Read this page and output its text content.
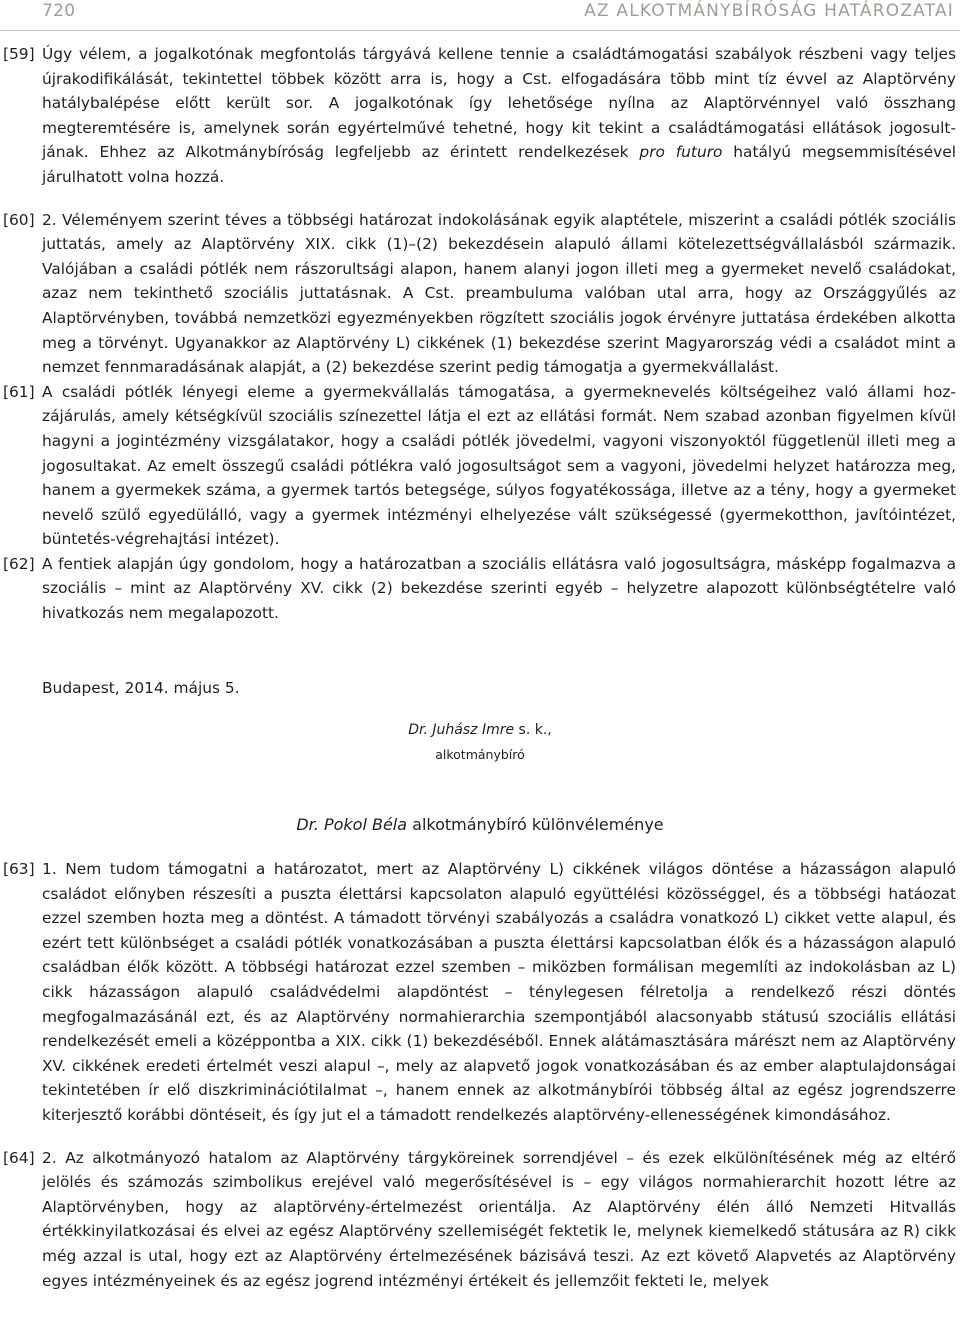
720	AZ ALKOTMÁNYBÍRÓSÁG HATÁROZATAI
[59] Úgy vélem, a jogalkotónak megfontolás tárgyává kellene tennie a családtámogatási szabályok részbeni vagy teljes újrakodifikálását, tekintettel többek között arra is, hogy a Cst. elfogadására több mint tíz évvel az Alaptörvény hatálybalépése előtt került sor. A jogalkotónak így lehetősége nyílna az Alaptörvénnyel való összhang megteremtésére is, amelynek során egyértelművé tehetné, hogy kit tekint a családtámogatási ellátások jogosultjának. Ehhez az Alkotmánybíróság legfeljebb az érintett rendelkezések pro futuro hatályú megsemmisítésével járulhatott volna hozzá.
[60] 2. Véleményem szerint téves a többségi határozat indokolásának egyik alaptétele, miszerint a családi pótlék szociális juttatás, amely az Alaptörvény XIX. cikk (1)–(2) bekezdésein alapuló állami kötelezettségvállalásból származik. Valójában a családi pótlék nem rászorultsági alapon, hanem alanyi jogon illeti meg a gyermeket nevelő családokat, azaz nem tekinthető szociális juttatásnak. A Cst. preambuluma valóban utal arra, hogy az Országgyűlés az Alaptörvényben, továbbá nemzetközi egyezményekben rögzített szociális jogok érvényre juttatása érdekében alkotta meg a törvényt. Ugyanakkor az Alaptörvény L) cikkének (1) bekezdése szerint Magyarország védi a családot mint a nemzet fennmaradásának alapját, a (2) bekezdése szerint pedig támogatja a gyermekvállalást.
[61] A családi pótlék lényegi eleme a gyermekvállalás támogatása, a gyermeknevelés költségeihez való állami hozzájárulás, amely kétségkívül szociális színezettel látja el ezt az ellátási formát. Nem szabad azonban figyelmen kívül hagyni a jogintézmény vizsgálatakor, hogy a családi pótlék jövedelmi, vagyoni viszonyoktól függetlenül illeti meg a jogosultakat. Az emelt összegű családi pótlékra való jogosultságot sem a vagyoni, jövedelmi helyzet határozza meg, hanem a gyermekek száma, a gyermek tartós betegsége, súlyos fogyatékossága, illetve az a tény, hogy a gyermeket nevelő szülő egyedülálló, vagy a gyermek intézményi elhelyezése vált szükségessé (gyermekotthon, javítóintézet, büntetés-végrehajtási intézet).
[62] A fentiek alapján úgy gondolom, hogy a határozatban a szociális ellátásra való jogosultságra, másképp fogalmazva a szociális – mint az Alaptörvény XV. cikk (2) bekezdése szerinti egyéb – helyzetre alapozott különbségtételre való hivatkozás nem megalapozott.
Budapest, 2014. május 5.
Dr. Juhász Imre s. k.,
alkotmánybíró
Dr. Pokol Béla alkotmánybíró különvéleménye
[63] 1. Nem tudom támogatni a határozatot, mert az Alaptörvény L) cikkének világos döntése a házasságon alapuló családot előnyben részesíti a puszta élettársi kapcsolaton alapuló együttélési közösséggel, és a többségi hatáozat ezzel szemben hozta meg a döntést. A támadott törvényi szabályozás a családra vonatkozó L) cikket vette alapul, és ezért tett különbséget a családi pótlék vonatkozásában a puszta élettársi kapcsolatban élők és a házasságon alapuló családban élők között. A többségi határozat ezzel szemben – miközben formálisan megemlíti az indokolásban az L) cikk házasságon alapuló családvédelmi alapdöntést – ténylegesen félretolja a rendelkező részi döntés megfogalmazásánál ezt, és az Alaptörvény normahierarchia szempontjából alacsonyabb státusú szociális ellátási rendelkezését emeli a középpontba a XIX. cikk (1) bekezdéséből. Ennek alátámasztására márészt nem az Alaptörvény XV. cikkének eredeti értelmét veszi alapul –, mely az alapvető jogok vonatkozásában és az ember alaptulajdonságai tekintetében ír elő diszkriminációtilalmat –, hanem ennek az alkotmánybírói többség által az egész jogrendszerre kiterjesztő korábbi döntéseit, és így jut el a támadott rendelkezés alaptörvény-ellenességének kimondásához.
[64] 2. Az alkotmányozó hatalom az Alaptörvény tárgyköreinek sorrendjével – és ezek elkülönítésének még az eltérő jelölés és számozás szimbolikus erejével való megerősítésével is – egy világos normahierarchit hozott létre az Alaptörvényben, hogy az alaptörvény-értelmezést orientálja. Az Alaptörvény élén álló Nemzeti Hitvallás értékkinyilatkozásai és elvei az egész Alaptörvény szellemiségét fektetik le, melynek kiemelkedő státusára az R) cikk még azzal is utal, hogy ezt az Alaptörvény értelmezésének bázisává teszi. Az ezt követő Alapvetés az Alaptörvény egyes intézményeinek és az egész jogrend intézményi értékeit és jellemzőit fekteti le, melyek
